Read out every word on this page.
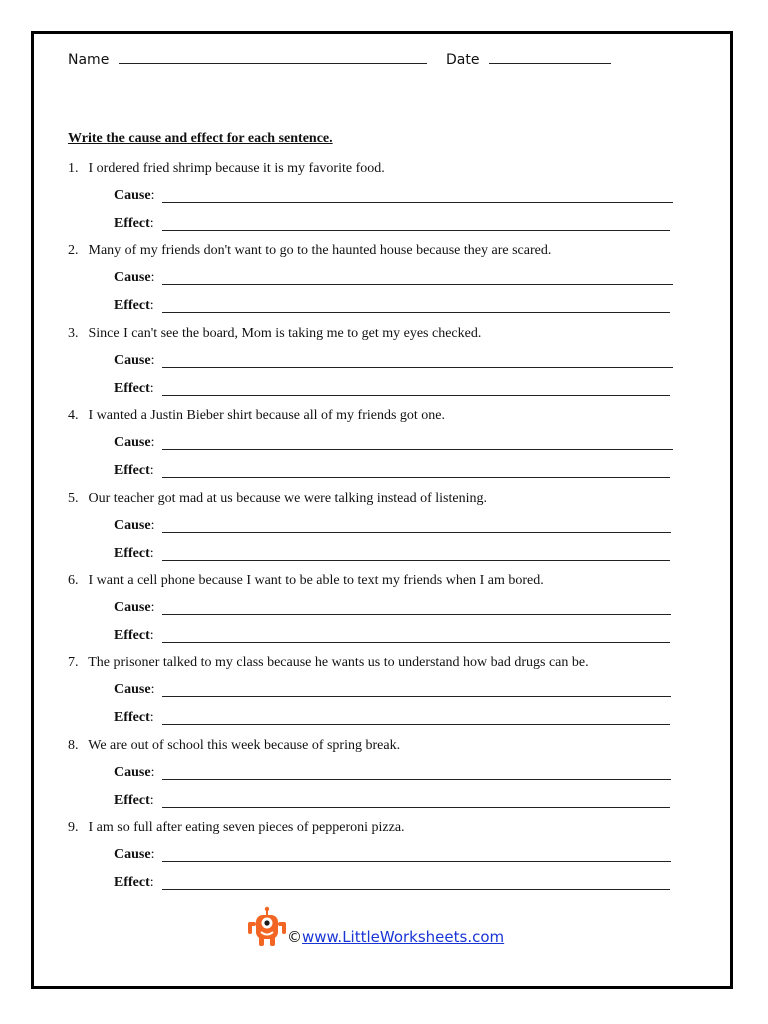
Name	Date
Write the cause and effect for each sentence.
1. I ordered fried shrimp because it is my favorite food.
Cause:
Effect:
2. Many of my friends don't want to go to the haunted house because they are scared.
Cause:
Effect:
3. Since I can't see the board, Mom is taking me to get my eyes checked.
Cause:
Effect:
4. I wanted a Justin Bieber shirt because all of my friends got one.
Cause:
Effect:
5. Our teacher got mad at us because we were talking instead of listening.
Cause:
Effect:
6. I want a cell phone because I want to be able to text my friends when I am bored.
Cause:
Effect:
7. The prisoner talked to my class because he wants us to understand how bad drugs can be.
Cause:
Effect:
8. We are out of school this week because of spring break.
Cause:
Effect:
9. I am so full after eating seven pieces of pepperoni pizza.
Cause:
Effect:
©www.LittleWorksheets.com
